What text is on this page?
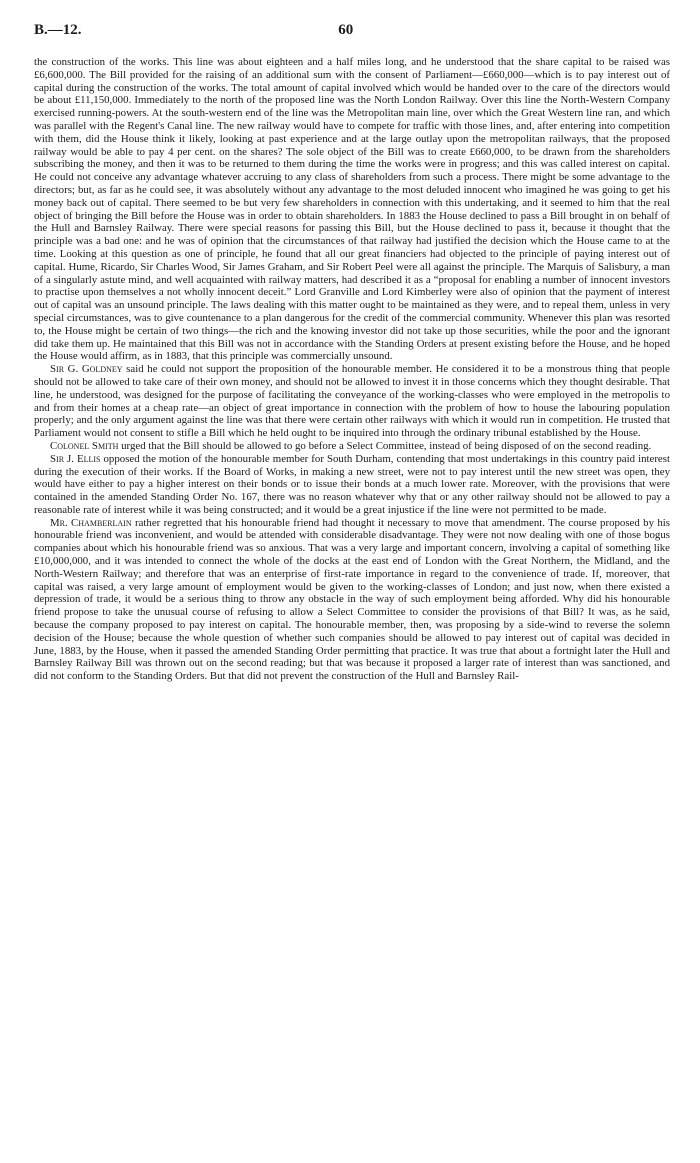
B.—12.	60

the construction of the works. This line was about eighteen and a half miles long, and he understood that the share capital to be raised was £6,600,000. The Bill provided for the raising of an additional sum with the consent of Parliament—£660,000—which is to pay interest out of capital during the construction of the works. The total amount of capital involved which would be handed over to the care of the directors would be about £11,150,000. Immediately to the north of the proposed line was the North London Railway. Over this line the North-Western Company exercised running-powers. At the south-western end of the line was the Metropolitan main line, over which the Great Western line ran, and which was parallel with the Regent's Canal line. The new railway would have to compete for traffic with those lines, and, after entering into competition with them, did the House think it likely, looking at past experience and at the large outlay upon the metropolitan railways, that the proposed railway would be able to pay 4 per cent. on the shares? The sole object of the Bill was to create £660,000, to be drawn from the shareholders subscribing the money, and then it was to be returned to them during the time the works were in progress; and this was called interest on capital. He could not conceive any advantage whatever accruing to any class of shareholders from such a process. There might be some advantage to the directors; but, as far as he could see, it was absolutely without any advantage to the most deluded innocent who imagined he was going to get his money back out of capital. There seemed to be but very few shareholders in connection with this undertaking, and it seemed to him that the real object of bringing the Bill before the House was in order to obtain shareholders. In 1883 the House declined to pass a Bill brought in on behalf of the Hull and Barnsley Railway. There were special reasons for passing this Bill, but the House declined to pass it, because it thought that the principle was a bad one: and he was of opinion that the circumstances of that railway had justified the decision which the House came to at the time. Looking at this question as one of principle, he found that all our great financiers had objected to the principle of paying interest out of capital. Hume, Ricardo, Sir Charles Wood, Sir James Graham, and Sir Robert Peel were all against the principle. The Marquis of Salisbury, a man of a singularly astute mind, and well acquainted with railway matters, had described it as a “proposal for enabling a number of innocent investors to practise upon themselves a not wholly innocent deceit.” Lord Granville and Lord Kimberley were also of opinion that the payment of interest out of capital was an unsound principle. The laws dealing with this matter ought to be maintained as they were, and to repeal them, unless in very special circumstances, was to give countenance to a plan dangerous for the credit of the commercial community. Whenever this plan was resorted to, the House might be certain of two things—the rich and the knowing investor did not take up those securities, while the poor and the ignorant did take them up. He maintained that this Bill was not in accordance with the Standing Orders at present existing before the House, and he hoped the House would affirm, as in 1883, that this principle was commercially unsound.

Sir G. Goldney said he could not support the proposition of the honourable member. He considered it to be a monstrous thing that people should not be allowed to take care of their own money, and should not be allowed to invest it in those concerns which they thought desirable. That line, he understood, was designed for the purpose of facilitating the conveyance of the working-classes who were employed in the metropolis to and from their homes at a cheap rate—an object of great importance in connection with the problem of how to house the labouring population properly; and the only argument against the line was that there were certain other railways with which it would run in competition. He trusted that Parliament would not consent to stifle a Bill which he held ought to be inquired into through the ordinary tribunal established by the House.

Colonel Smith urged that the Bill should be allowed to go before a Select Committee, instead of being disposed of on the second reading.

Sir J. Ellis opposed the motion of the honourable member for South Durham, contending that most undertakings in this country paid interest during the execution of their works. If the Board of Works, in making a new street, were not to pay interest until the new street was open, they would have either to pay a higher interest on their bonds or to issue their bonds at a much lower rate. Moreover, with the provisions that were contained in the amended Standing Order No. 167, there was no reason whatever why that or any other railway should not be allowed to pay a reasonable rate of interest while it was being constructed; and it would be a great injustice if the line were not permitted to be made.

Mr. Chamberlain rather regretted that his honourable friend had thought it necessary to move that amendment. The course proposed by his honourable friend was inconvenient, and would be attended with considerable disadvantage. They were not now dealing with one of those bogus companies about which his honourable friend was so anxious. That was a very large and important concern, involving a capital of something like £10,000,000, and it was intended to connect the whole of the docks at the east end of London with the Great Northern, the Midland, and the North-Western Railway; and therefore that was an enterprise of first-rate importance in regard to the convenience of trade. If, moreover, that capital was raised, a very large amount of employment would be given to the working-classes of London; and just now, when there existed a depression of trade, it would be a serious thing to throw any obstacle in the way of such employment being afforded. Why did his honourable friend propose to take the unusual course of refusing to allow a Select Committee to consider the provisions of that Bill? It was, as he said, because the company proposed to pay interest on capital. The honourable member, then, was proposing by a side-wind to reverse the solemn decision of the House; because the whole question of whether such companies should be allowed to pay interest out of capital was decided in June, 1883, by the House, when it passed the amended Standing Order permitting that practice. It was true that about a fortnight later the Hull and Barnsley Railway Bill was thrown out on the second reading; but that was because it proposed a larger rate of interest than was sanctioned, and did not conform to the Standing Orders. But that did not prevent the construction of the Hull and Barnsley Rail-
